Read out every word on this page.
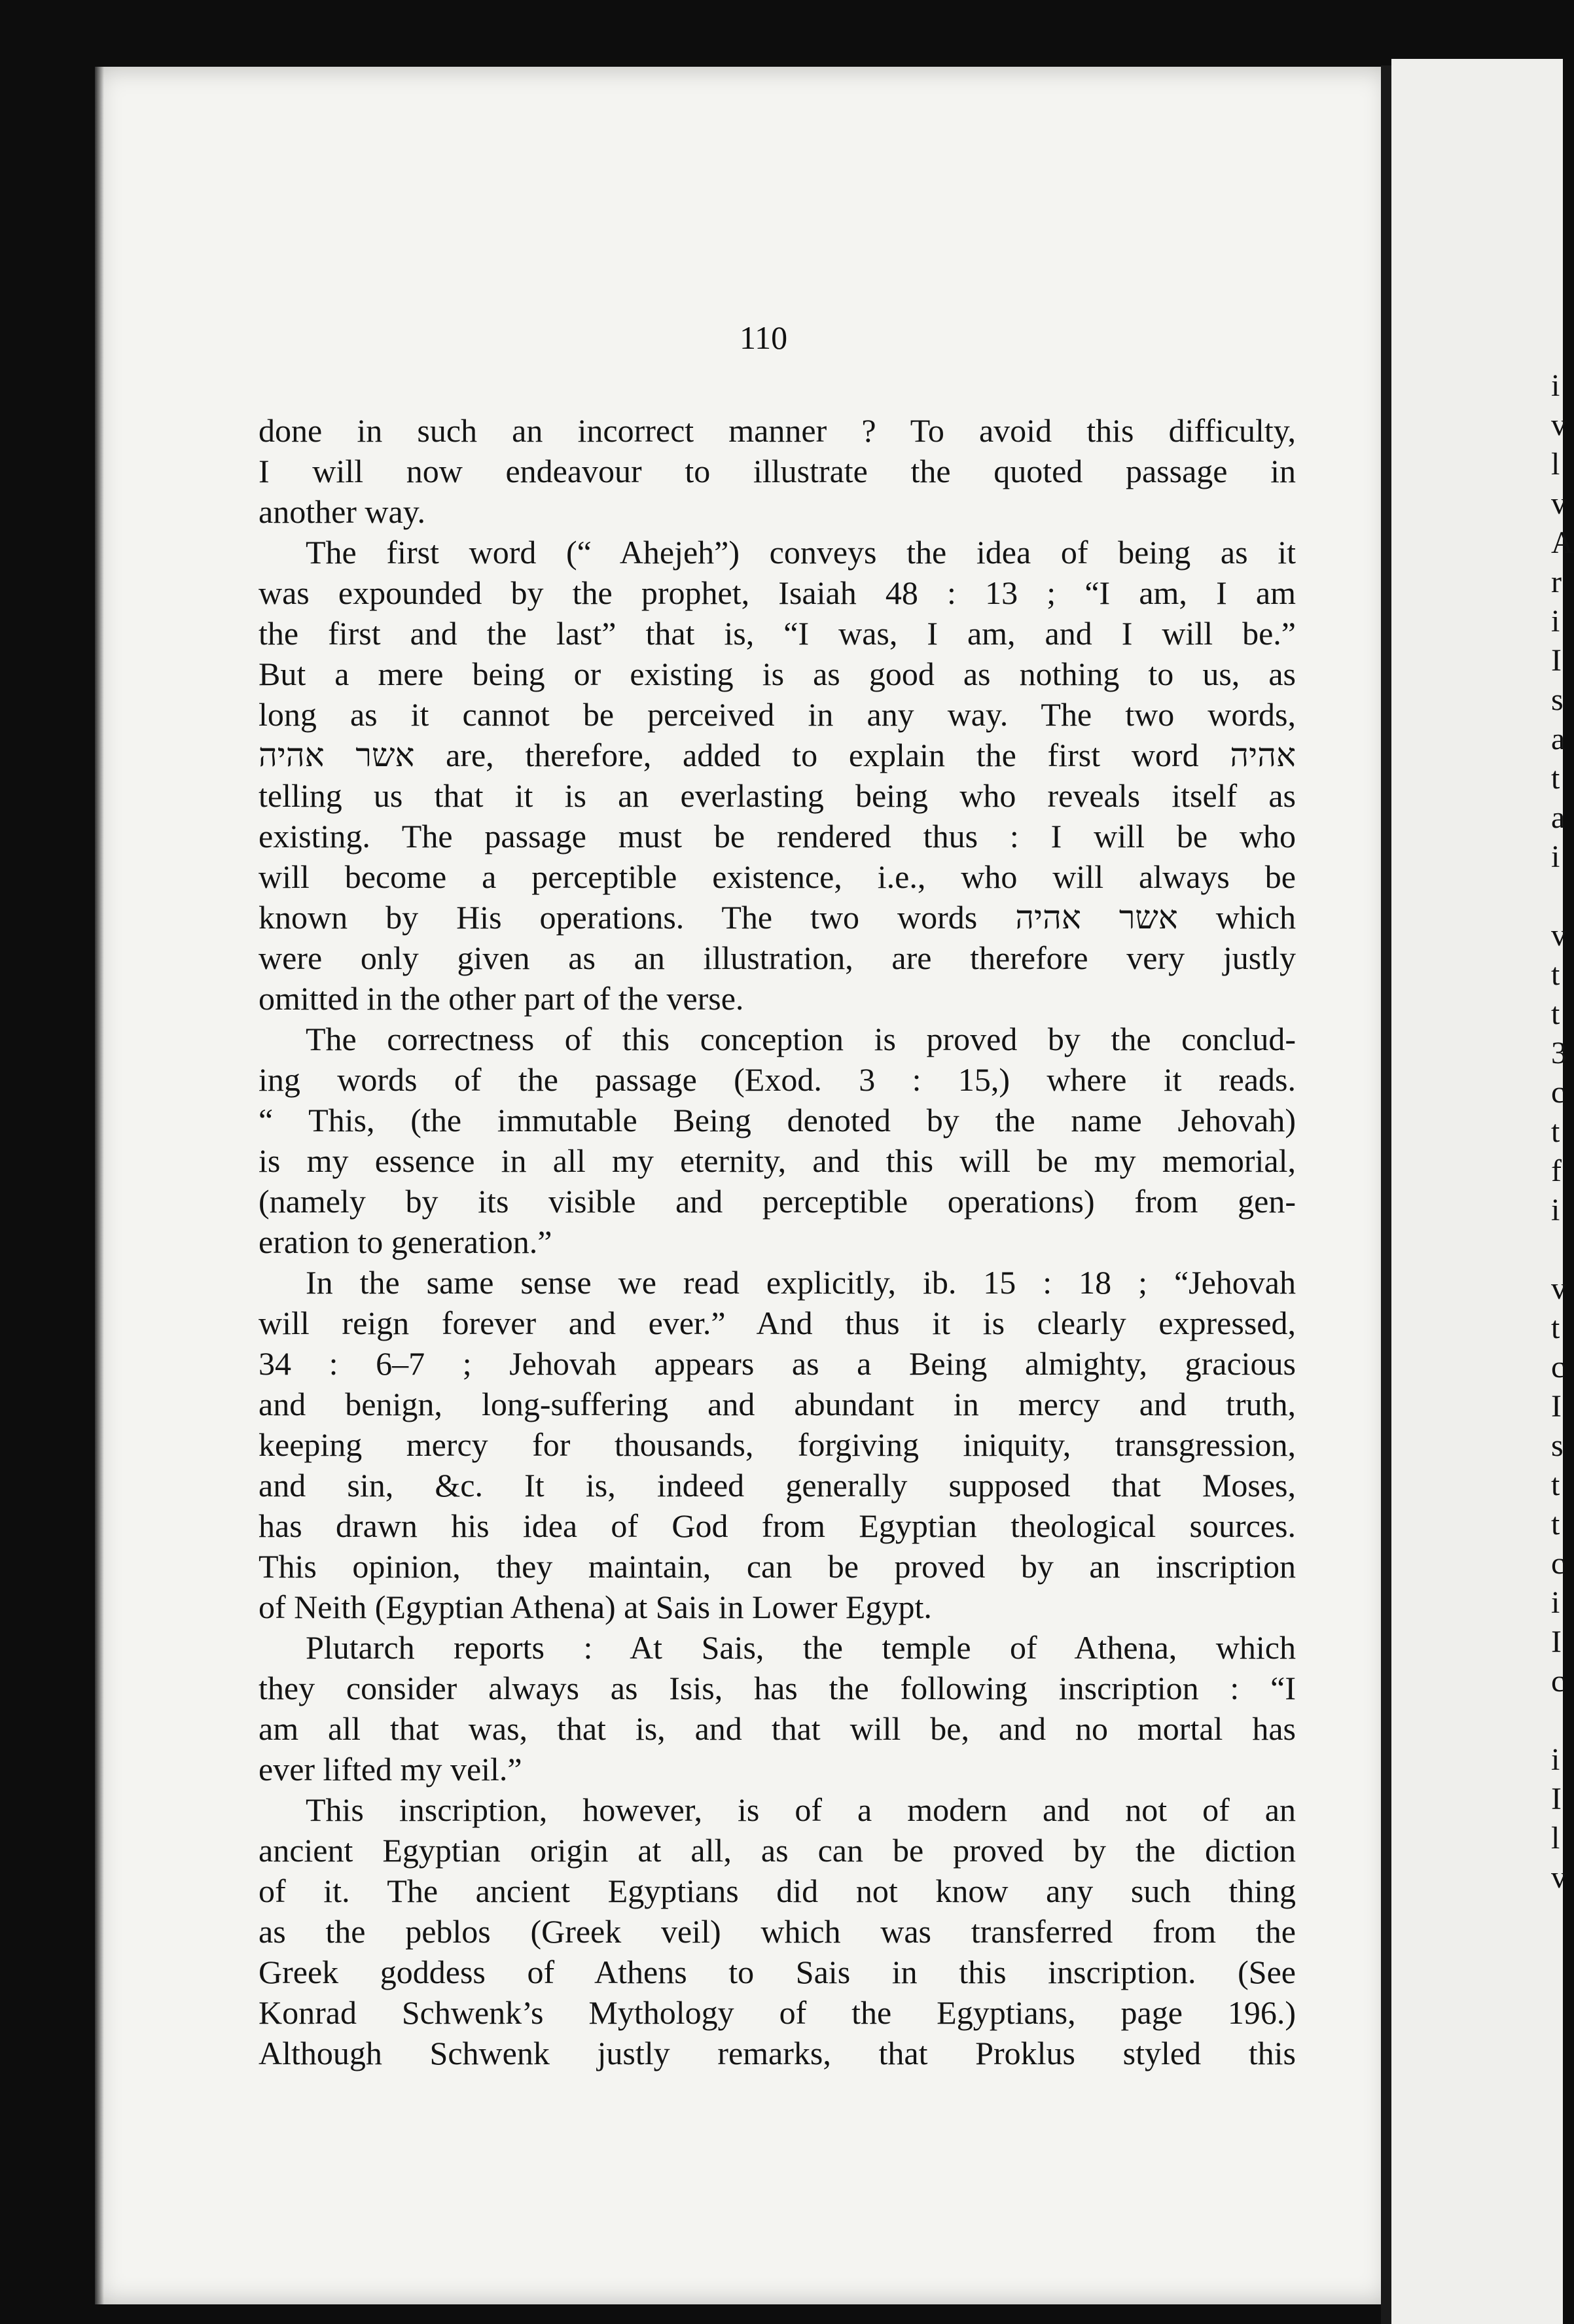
110
done in such an incorrect manner ? To avoid this difficulty,
I will now endeavour to illustrate the quoted passage in
another way.
The first word (“ Ahejeh”) conveys the idea of being as it
was expounded by the prophet, Isaiah 48 : 13 ; “I am, I am
the first and the last” that is, “I was, I am, and I will be.”
But a mere being or existing is as good as nothing to us, as
long as it cannot be perceived in any way. The two words,
אשר אהיה are, therefore, added to explain the first word אהיה
telling us that it is an everlasting being who reveals itself as
existing. The passage must be rendered thus : I will be who
will become a perceptible existence, i.e., who will always be
known by His operations. The two words אשר אהיה which
were only given as an illustration, are therefore very justly
omitted in the other part of the verse.
The correctness of this conception is proved by the conclud-
ing words of the passage (Exod. 3 : 15,) where it reads.
“ This, (the immutable Being denoted by the name Jehovah)
is my essence in all my eternity, and this will be my memorial,
(namely by its visible and perceptible operations) from gen-
eration to generation.”
In the same sense we read explicitly, ib. 15 : 18 ; “Jehovah
will reign forever and ever.” And thus it is clearly expressed,
34 : 6–7 ; Jehovah appears as a Being almighty, gracious
and benign, long-suffering and abundant in mercy and truth,
keeping mercy for thousands, forgiving iniquity, transgression,
and sin, &c. It is, indeed generally supposed that Moses,
has drawn his idea of God from Egyptian theological sources.
This opinion, they maintain, can be proved by an inscription
of Neith (Egyptian Athena) at Sais in Lower Egypt.
Plutarch reports : At Sais, the temple of Athena, which
they consider always as Isis, has the following inscription : “I
am all that was, that is, and that will be, and no mortal has
ever lifted my veil.”
This inscription, however, is of a modern and not of an
ancient Egyptian origin at all, as can be proved by the diction
of it. The ancient Egyptians did not know any such thing
as the peblos (Greek veil) which was transferred from the
Greek goddess of Athens to Sais in this inscription. (See
Konrad Schwenk’s Mythology of the Egyptians, page 196.)
Although Schwenk justly remarks, that Proklus styled this
i
v
l
v
A
r
i
I
s
a
t
a
i
v
t
t
3
c
t
f
i
v
t
c
I
s
t
t
c
i
I
c
i
I
l
v
